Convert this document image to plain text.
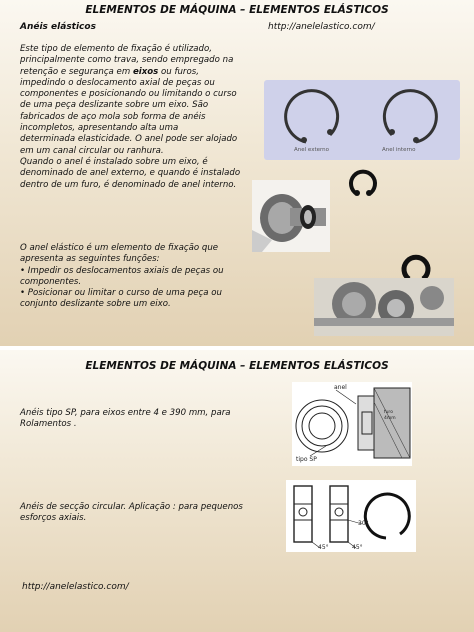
ELEMENTOS DE MÁQUINA – ELEMENTOS ELÁSTICOS
Anéis elásticos	http://anelelastico.com/
Este tipo de elemento de fixação é utilizado,
principalmente como trava, sendo empregado na
retenção e segurança em eixos ou furos,
impedindo o deslocamento axial de peças ou
componentes e posicionando ou limitando o curso
de uma peça deslizante sobre um eixo. São
fabricados de aço mola sob forma de anéis
incompletos, apresentando alta uma
determinada elasticidade. O anel pode ser alojado
em um canal circular ou ranhura.
Quando o anel é instalado sobre um eixo, é
denominado de anel externo, e quando é instalado
dentro de um furo, é denominado de anel interno.
O anel elástico é um elemento de fixação que
apresenta as seguintes funções:
• Impedir os deslocamentos axiais de peças ou
componentes.
• Posicionar ou limitar o curso de uma peça ou
conjunto deslizante sobre um eixo.
Anel externo	Anel interno
ELEMENTOS DE MÁQUINA – ELEMENTOS ELÁSTICOS
Anéis tipo SP, para eixos entre 4 e 390 mm, para
Rolamentos .
Anéis de secção circular. Aplicação : para pequenos
esforços axiais.
http://anelelastico.com/
anel
tipo SP
furo
4mm
30°
45°	45°
